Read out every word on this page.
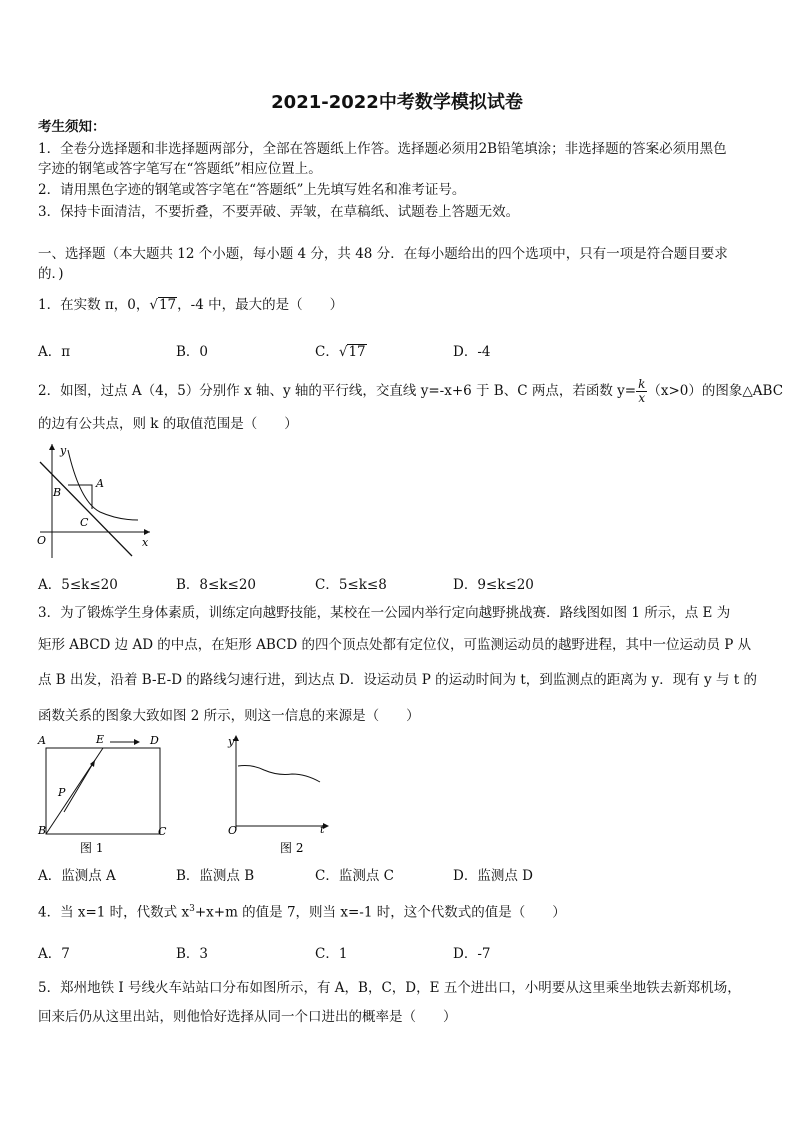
2021-2022中考数学模拟试卷
考生须知：
1．全卷分选择题和非选择题两部分，全部在答题纸上作答。选择题必须用2B铅笔填涂；非选择题的答案必须用黑色
字迹的钢笔或答字笔写在“答题纸”相应位置上。
2．请用黑色字迹的钢笔或答字笔在“答题纸”上先填写姓名和准考证号。
3．保持卡面清洁，不要折叠，不要弄破、弄皱，在草稿纸、试题卷上答题无效。
一、选择题（本大题共 12 个小题，每小题 4 分，共 48 分．在每小题给出的四个选项中，只有一项是符合题目要求
的．)
1．在实数 π，0，√17，-4 中，最大的是（　　）
A．π	B．0	C．√17	D．-4
2．如图，过点 A（4，5）分别作 x 轴、y 轴的平行线，交直线 y=-x+6 于 B、C 两点，若函数 $y= \frac{k}{x} (x>0)$的图象△ABC
的边有公共点，则 k 的取值范围是（　　）
y
x
O
A
B
C
A．5≤k≤20	B．8≤k≤20	C．5≤k≤8	D．9≤k≤20
3．为了锻炼学生身体素质，训练定向越野技能，某校在一公园内举行定向越野挑战赛．路线图如图 1 所示，点 E 为
矩形 ABCD 边 AD 的中点，在矩形 ABCD 的四个顶点处都有定位仪，可监测运动员的越野进程，其中一位运动员 P 从
点 B 出发，沿着 B-E-D 的路线匀速行进，到达点 D．设运动员 P 的运动时间为 t，到监测点的距离为 y．现有 y 与 t 的
函数关系的图象大致如图 2 所示，则这一信息的来源是（　　）
A	E	D
P
B	C
图 1
y
O	t
图 2
A．监测点 A	B．监测点 B	C．监测点 C	D．监测点 D
4．当 x=1 时，代数式 $x^3+x+m$ 的值是 7，则当 x=-1 时，这个代数式的值是（　　）
A．7	B．3	C．1	D．-7
5．郑州地铁 I 号线火车站站口分布如图所示，有 A，B，C，D，E 五个进出口，小明要从这里乘坐地铁去新郑机场，
回来后仍从这里出站，则他恰好选择从同一个口进出的概率是（　　）
